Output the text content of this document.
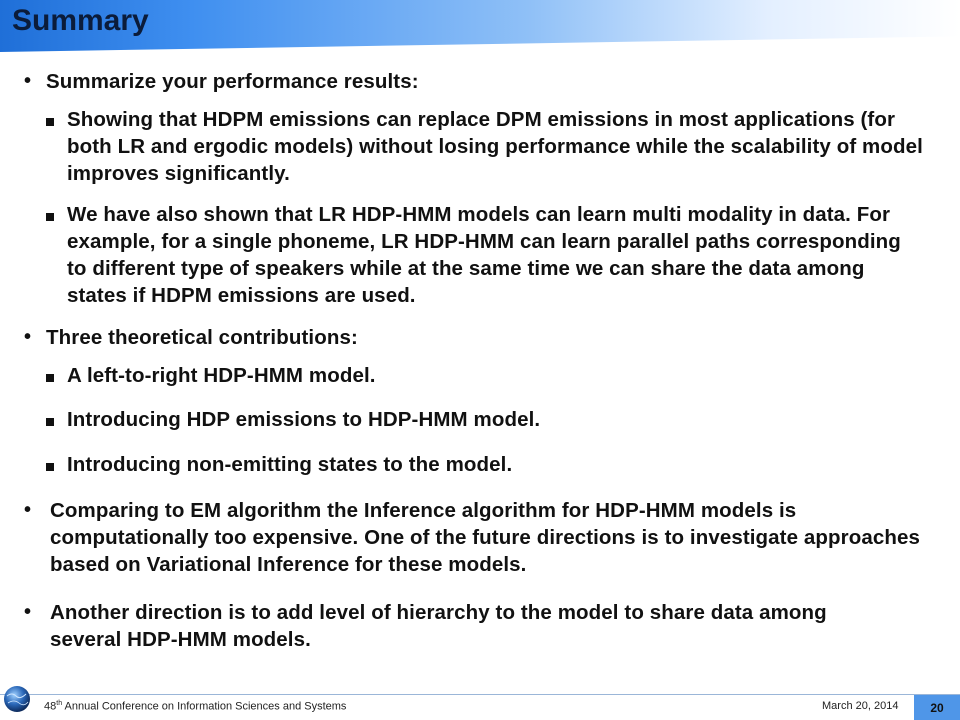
Summary
• Summarize your performance results:
Showing that HDPM emissions can replace DPM emissions in most applications (for both LR and ergodic models) without losing performance while the scalability of model improves significantly.
We have also shown that LR HDP-HMM models can learn multi modality in data. For example, for a single phoneme, LR HDP-HMM can learn parallel paths corresponding to different type of speakers while at the same time we can share the data among states if HDPM emissions are used.
• Three theoretical contributions:
A left-to-right HDP-HMM model.
Introducing HDP emissions to HDP-HMM model.
Introducing non-emitting states to the model.
• Comparing to EM algorithm the Inference algorithm for HDP-HMM models is computationally too expensive. One of the future directions is to investigate approaches based on Variational Inference for these models.
• Another direction is to add level of hierarchy to the model to share data among several HDP-HMM models.
48th Annual Conference on Information Sciences and Systems	March 20, 2014	20
